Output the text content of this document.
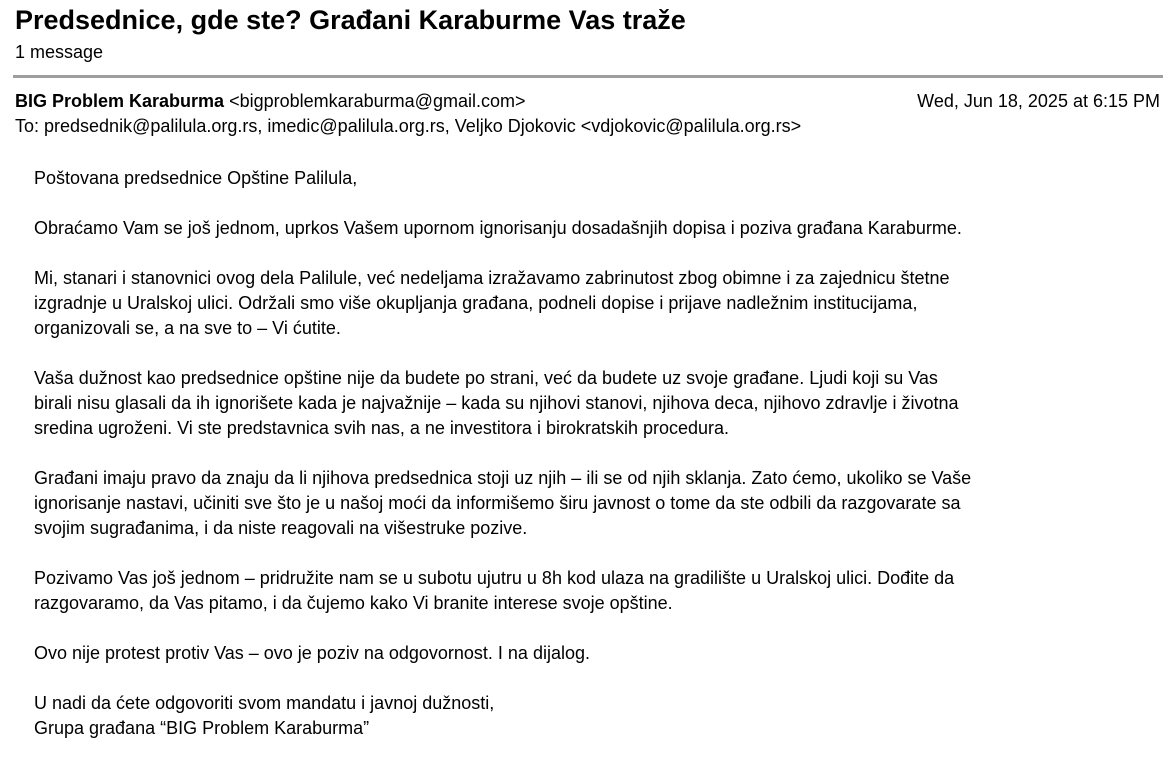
Predsednice, gde ste? Građani Karaburme Vas traže
1 message
BIG Problem Karaburma <bigproblemkaraburma@gmail.com>	Wed, Jun 18, 2025 at 6:15 PM
To: predsednik@palilula.org.rs, imedic@palilula.org.rs, Veljko Djokovic <vdjokovic@palilula.org.rs>

Poštovana predsednice Opštine Palilula,

Obraćamo Vam se još jednom, uprkos Vašem upornom ignorisanju dosadašnjih dopisa i poziva građana Karaburme.

Mi, stanari i stanovnici ovog dela Palilule, već nedeljama izražavamo zabrinutost zbog obimne i za zajednicu štetne
izgradnje u Uralskoj ulici. Održali smo više okupljanja građana, podneli dopise i prijave nadležnim institucijama,
organizovali se, a na sve to – Vi ćutite.

Vaša dužnost kao predsednice opštine nije da budete po strani, već da budete uz svoje građane. Ljudi koji su Vas
birali nisu glasali da ih ignorišete kada je najvažnije – kada su njihovi stanovi, njihova deca, njihovo zdravlje i životna
sredina ugroženi. Vi ste predstavnica svih nas, a ne investitora i birokratskih procedura.

Građani imaju pravo da znaju da li njihova predsednica stoji uz njih – ili se od njih sklanja. Zato ćemo, ukoliko se Vaše
ignorisanje nastavi, učiniti sve što je u našoj moći da informišemo širu javnost o tome da ste odbili da razgovarate sa
svojim sugrađanima, i da niste reagovali na višestruke pozive.

Pozivamo Vas još jednom – pridružite nam se u subotu ujutru u 8h kod ulaza na gradilište u Uralskoj ulici. Dođite da
razgovaramo, da Vas pitamo, i da čujemo kako Vi branite interese svoje opštine.

Ovo nije protest protiv Vas – ovo je poziv na odgovornost. I na dijalog.

U nadi da ćete odgovoriti svom mandatu i javnoj dužnosti,
Grupa građana “BIG Problem Karaburma”
